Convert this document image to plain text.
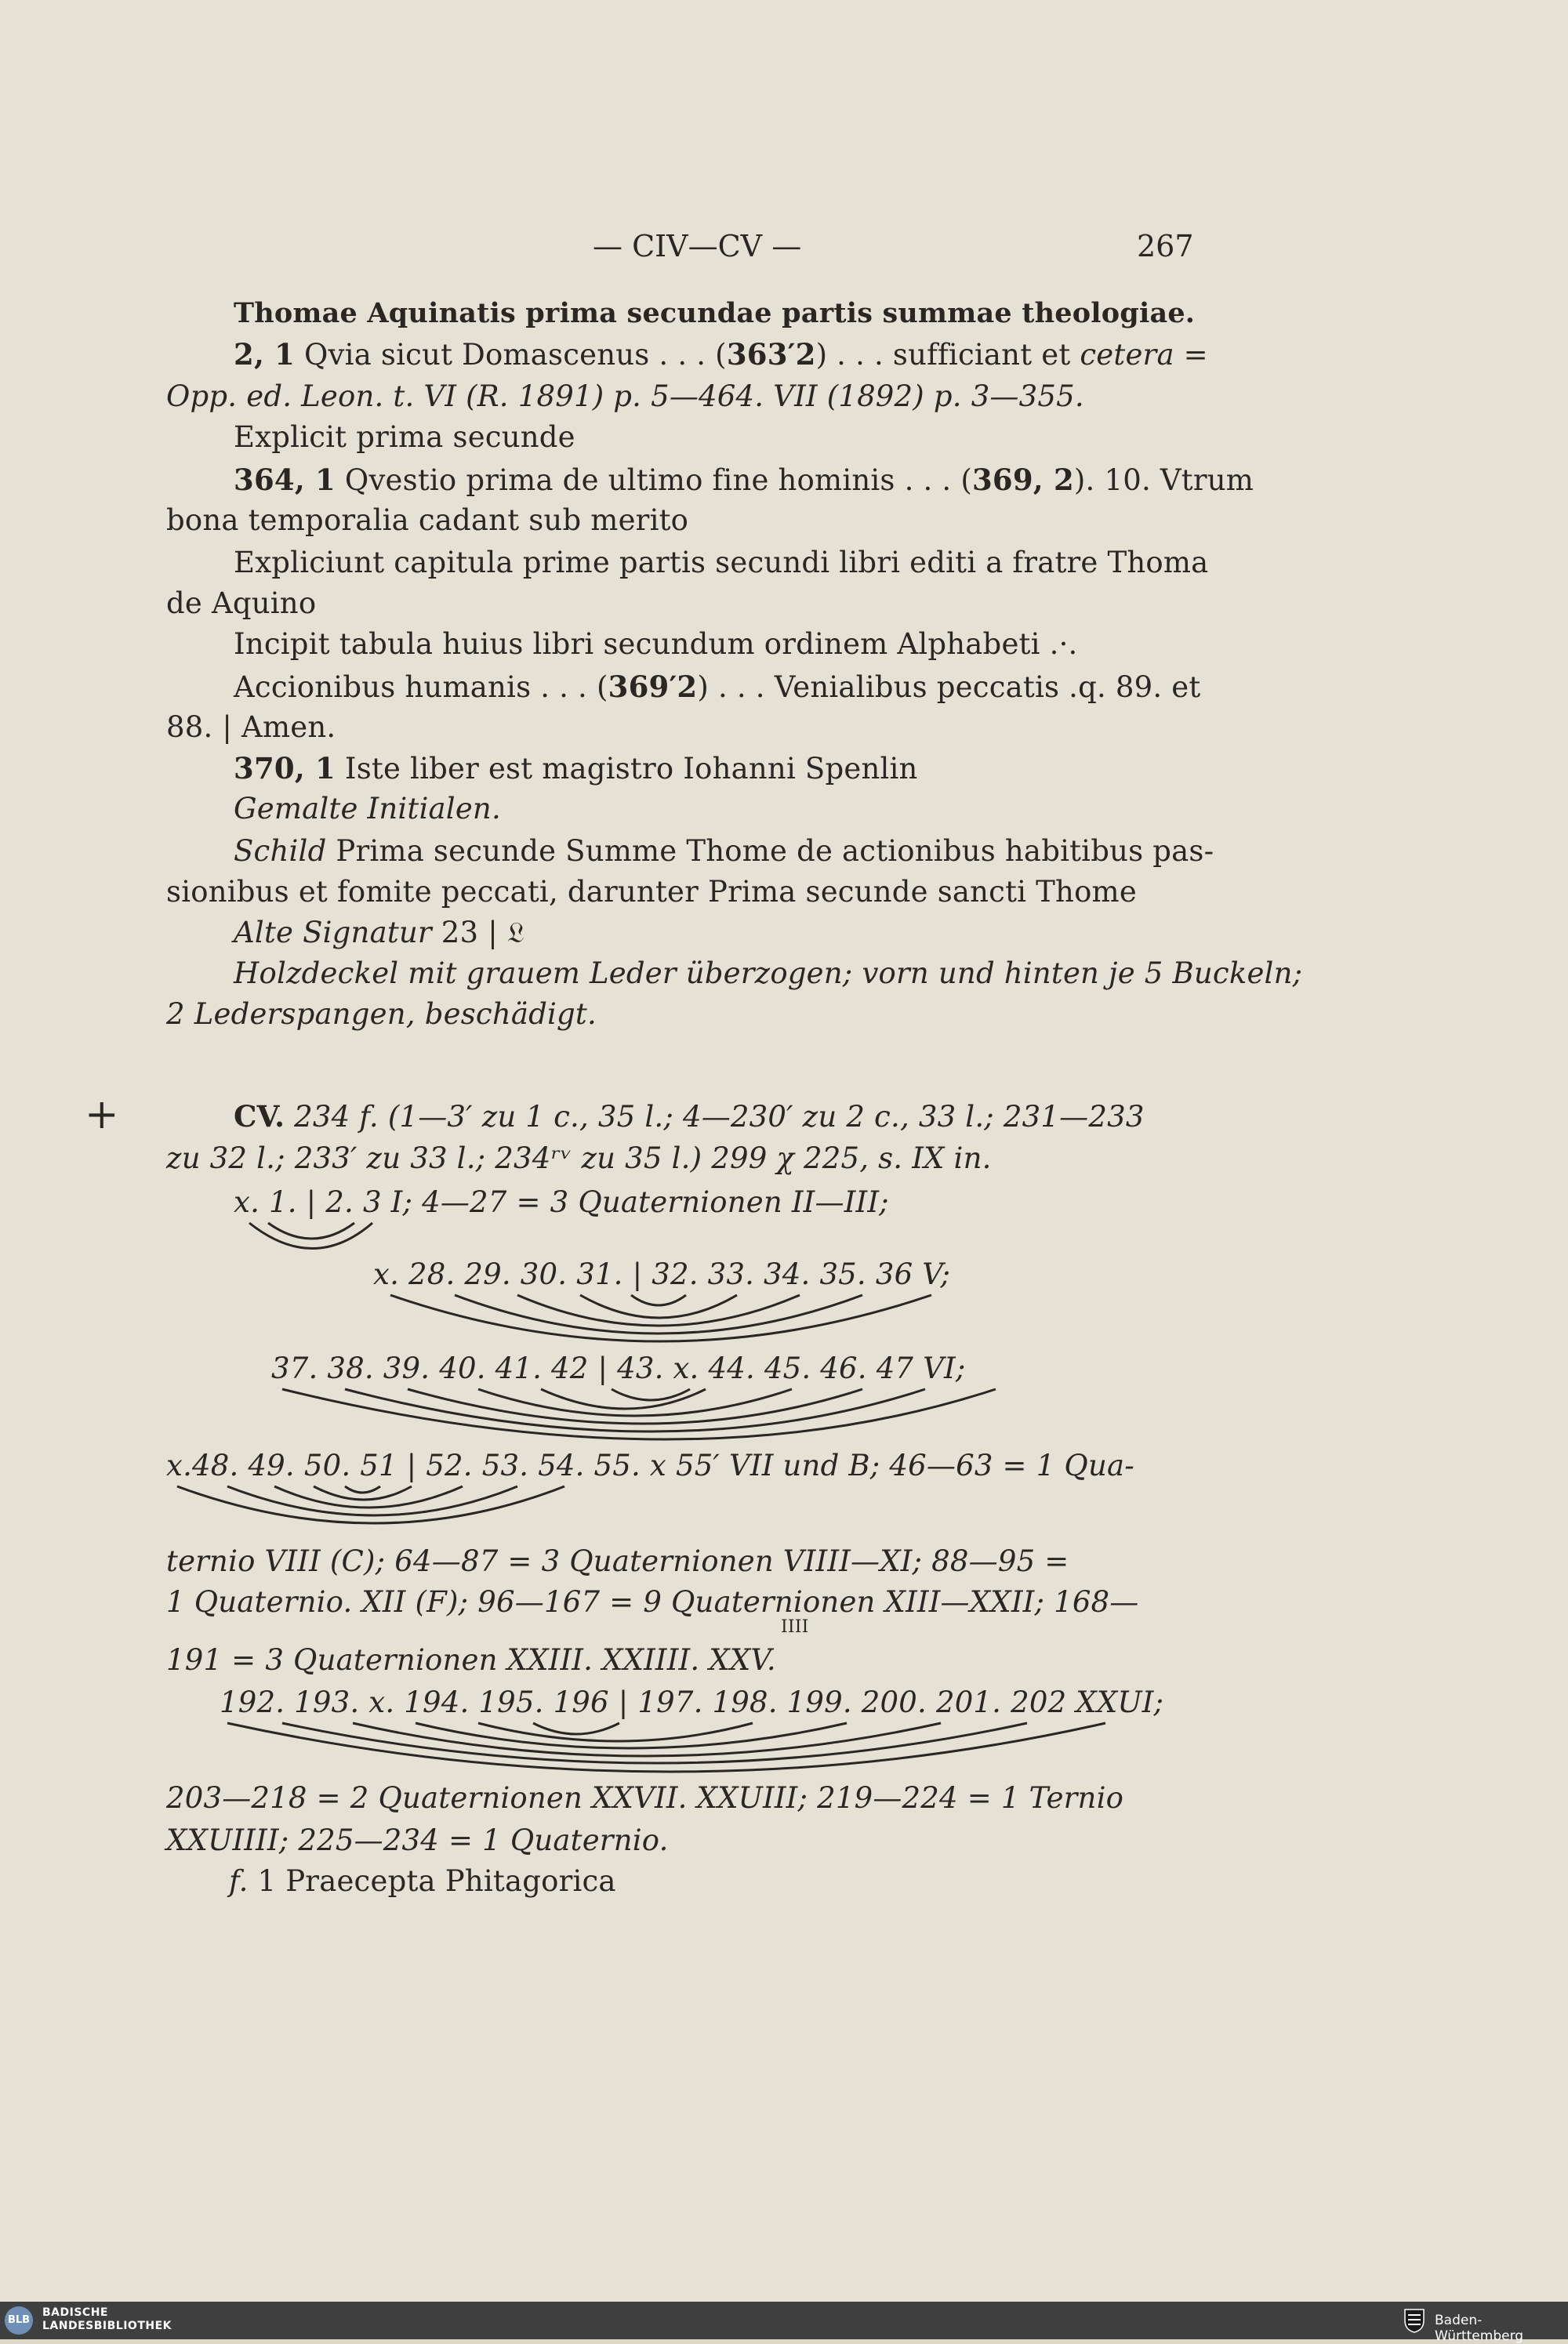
— CIV—CV —	267
Thomae Aquinatis prima secundae partis summae theologiae.
2, 1 Qvia sicut Domascenus . . . (363′2) . . . sufficiant et cetera =
Opp. ed. Leon. t. VI (R. 1891) p. 5—464. VII (1892) p. 3—355.
Explicit prima secunde
364, 1 Qvestio prima de ultimo fine hominis . . . (369, 2). 10. Vtrum
bona temporalia cadant sub merito
Expliciunt capitula prime partis secundi libri editi a fratre Thoma
de Aquino
Incipit tabula huius libri secundum ordinem Alphabeti .·.
Accionibus humanis . . . (369′2) . . . Venialibus peccatis .q. 89. et
88. | Amen.
370, 1 Iste liber est magistro Iohanni Spenlin
Gemalte Initialen.
Schild Prima secunde Summe Thome de actionibus habitibus pas-
sionibus et fomite peccati, darunter Prima secunde sancti Thome
Alte Signatur 23 | 𝔏
Holzdeckel mit grauem Leder überzogen; vorn und hinten je 5 Buckeln;
2 Lederspangen, beschädigt.
+	CV. 234 f. (1—3′ zu 1 c., 35 l.; 4—230′ zu 2 c., 33 l.; 231—233
zu 32 l.; 233′ zu 33 l.; 234ʳᵛ zu 35 l.) 299 χ 225, s. IX in.
x. 1. | 2. 3 I; 4—27 = 3 Quaternionen II—III;
x. 28. 29. 30. 31. | 32. 33. 34. 35. 36 V;
37. 38. 39. 40. 41. 42 | 43. x. 44. 45. 46. 47 VI;
x.48. 49. 50. 51 | 52. 53. 54. 55. x 55′ VII und B; 46—63 = 1 Qua-
ternio VIII (C); 64—87 = 3 Quaternionen VIIII—XI; 88—95 =
1 Quaternio. XII (F); 96—167 = 9 Quaternionen XIII—XXII; 168—
IIII
191 = 3 Quaternionen XXIII. XXIIII. XXV.
192. 193. x. 194. 195. 196 | 197. 198. 199. 200. 201. 202 XXUI;
203—218 = 2 Quaternionen XXVII. XXUIII; 219—224 = 1 Ternio
XXUIIII; 225—234 = 1 Quaternio.
f. 1 Praecepta Phitagorica
BLB
BADISCHE
LANDESBIBLIOTHEK	Baden-Württemberg
